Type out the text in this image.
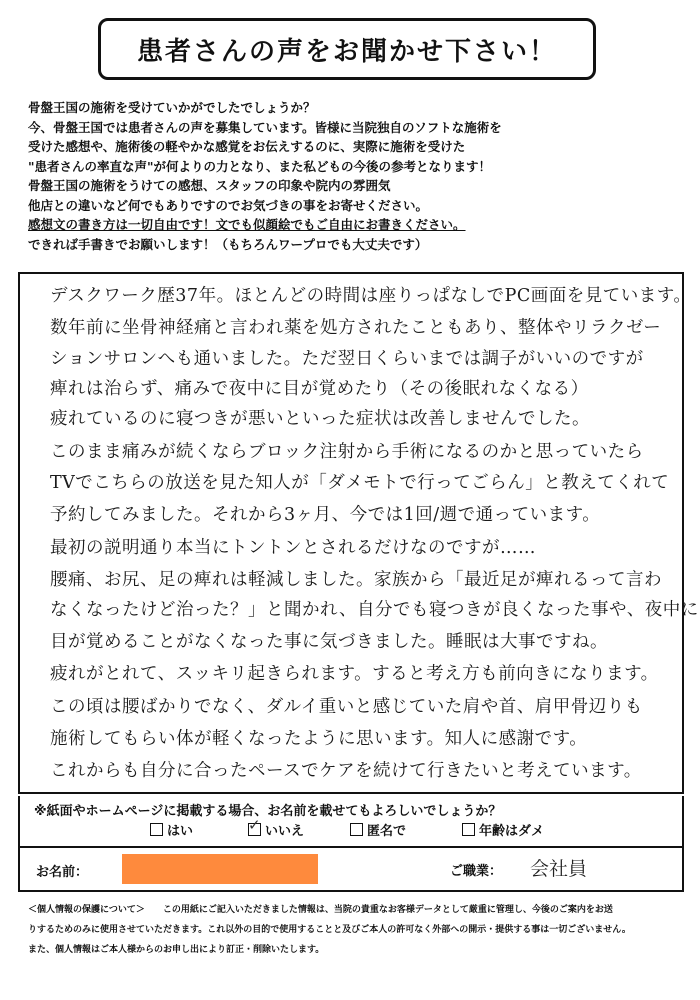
患者さんの声をお聞かせ下さい！
骨盤王国の施術を受けていかがでしたでしょうか？
今、骨盤王国では患者さんの声を募集しています。皆様に当院独自のソフトな施術を
受けた感想や、施術後の軽やかな感覚をお伝えするのに、実際に施術を受けた
"患者さんの率直な声"が何よりの力となり、また私どもの今後の参考となります！
骨盤王国の施術をうけての感想、スタッフの印象や院内の雰囲気
他店との違いなど何でもありですのでお気づきの事をお寄せください。
感想文の書き方は一切自由です！文でも似顔絵でもご自由にお書きください。
できれば手書きでお願いします！（もちろんワープロでも大丈夫です）
デスクワーク歴37年。ほとんどの時間は座りっぱなしでPC画面を見ています。
数年前に坐骨神経痛と言われ薬を処方されたこともあり、整体やリラクゼー
ションサロンへも通いました。ただ翌日くらいまでは調子がいいのですが
痺れは治らず、痛みで夜中に目が覚めたり（その後眠れなくなる）
疲れているのに寝つきが悪いといった症状は改善しませんでした。
このまま痛みが続くならブロック注射から手術になるのかと思っていたら
TVでこちらの放送を見た知人が「ダメモトで行ってごらん」と教えてくれて
予約してみました。それから3ヶ月、今では1回/週で通っています。
最初の説明通り本当にトントンとされるだけなのですが……
腰痛、お尻、足の痺れは軽減しました。家族から「最近足が痺れるって言わ
なくなったけど治った？」と聞かれ、自分でも寝つきが良くなった事や、夜中に
目が覚めることがなくなった事に気づきました。睡眠は大事ですね。
疲れがとれて、スッキリ起きられます。すると考え方も前向きになります。
この頃は腰ばかりでなく、ダルイ重いと感じていた肩や首、肩甲骨辺りも
施術してもらい体が軽くなったように思います。知人に感謝です。
これからも自分に合ったペースでケアを続けて行きたいと考えています。
※紙面やホームページに掲載する場合、お名前を載せてもよろしいでしょうか？
はい	✓ いいえ	匿名で	年齢はダメ
お名前：	ご職業： 会社員
＜個人情報の保護について＞　　この用紙にご記入いただきました情報は、当院の貴重なお客様データとして厳重に管理し、今後のご案内をお送
りするためのみに使用させていただきます。これ以外の目的で使用することと及びご本人の許可なく外部への開示・提供する事は一切ございません。
また、個人情報はご本人様からのお申し出により訂正・削除いたします。
